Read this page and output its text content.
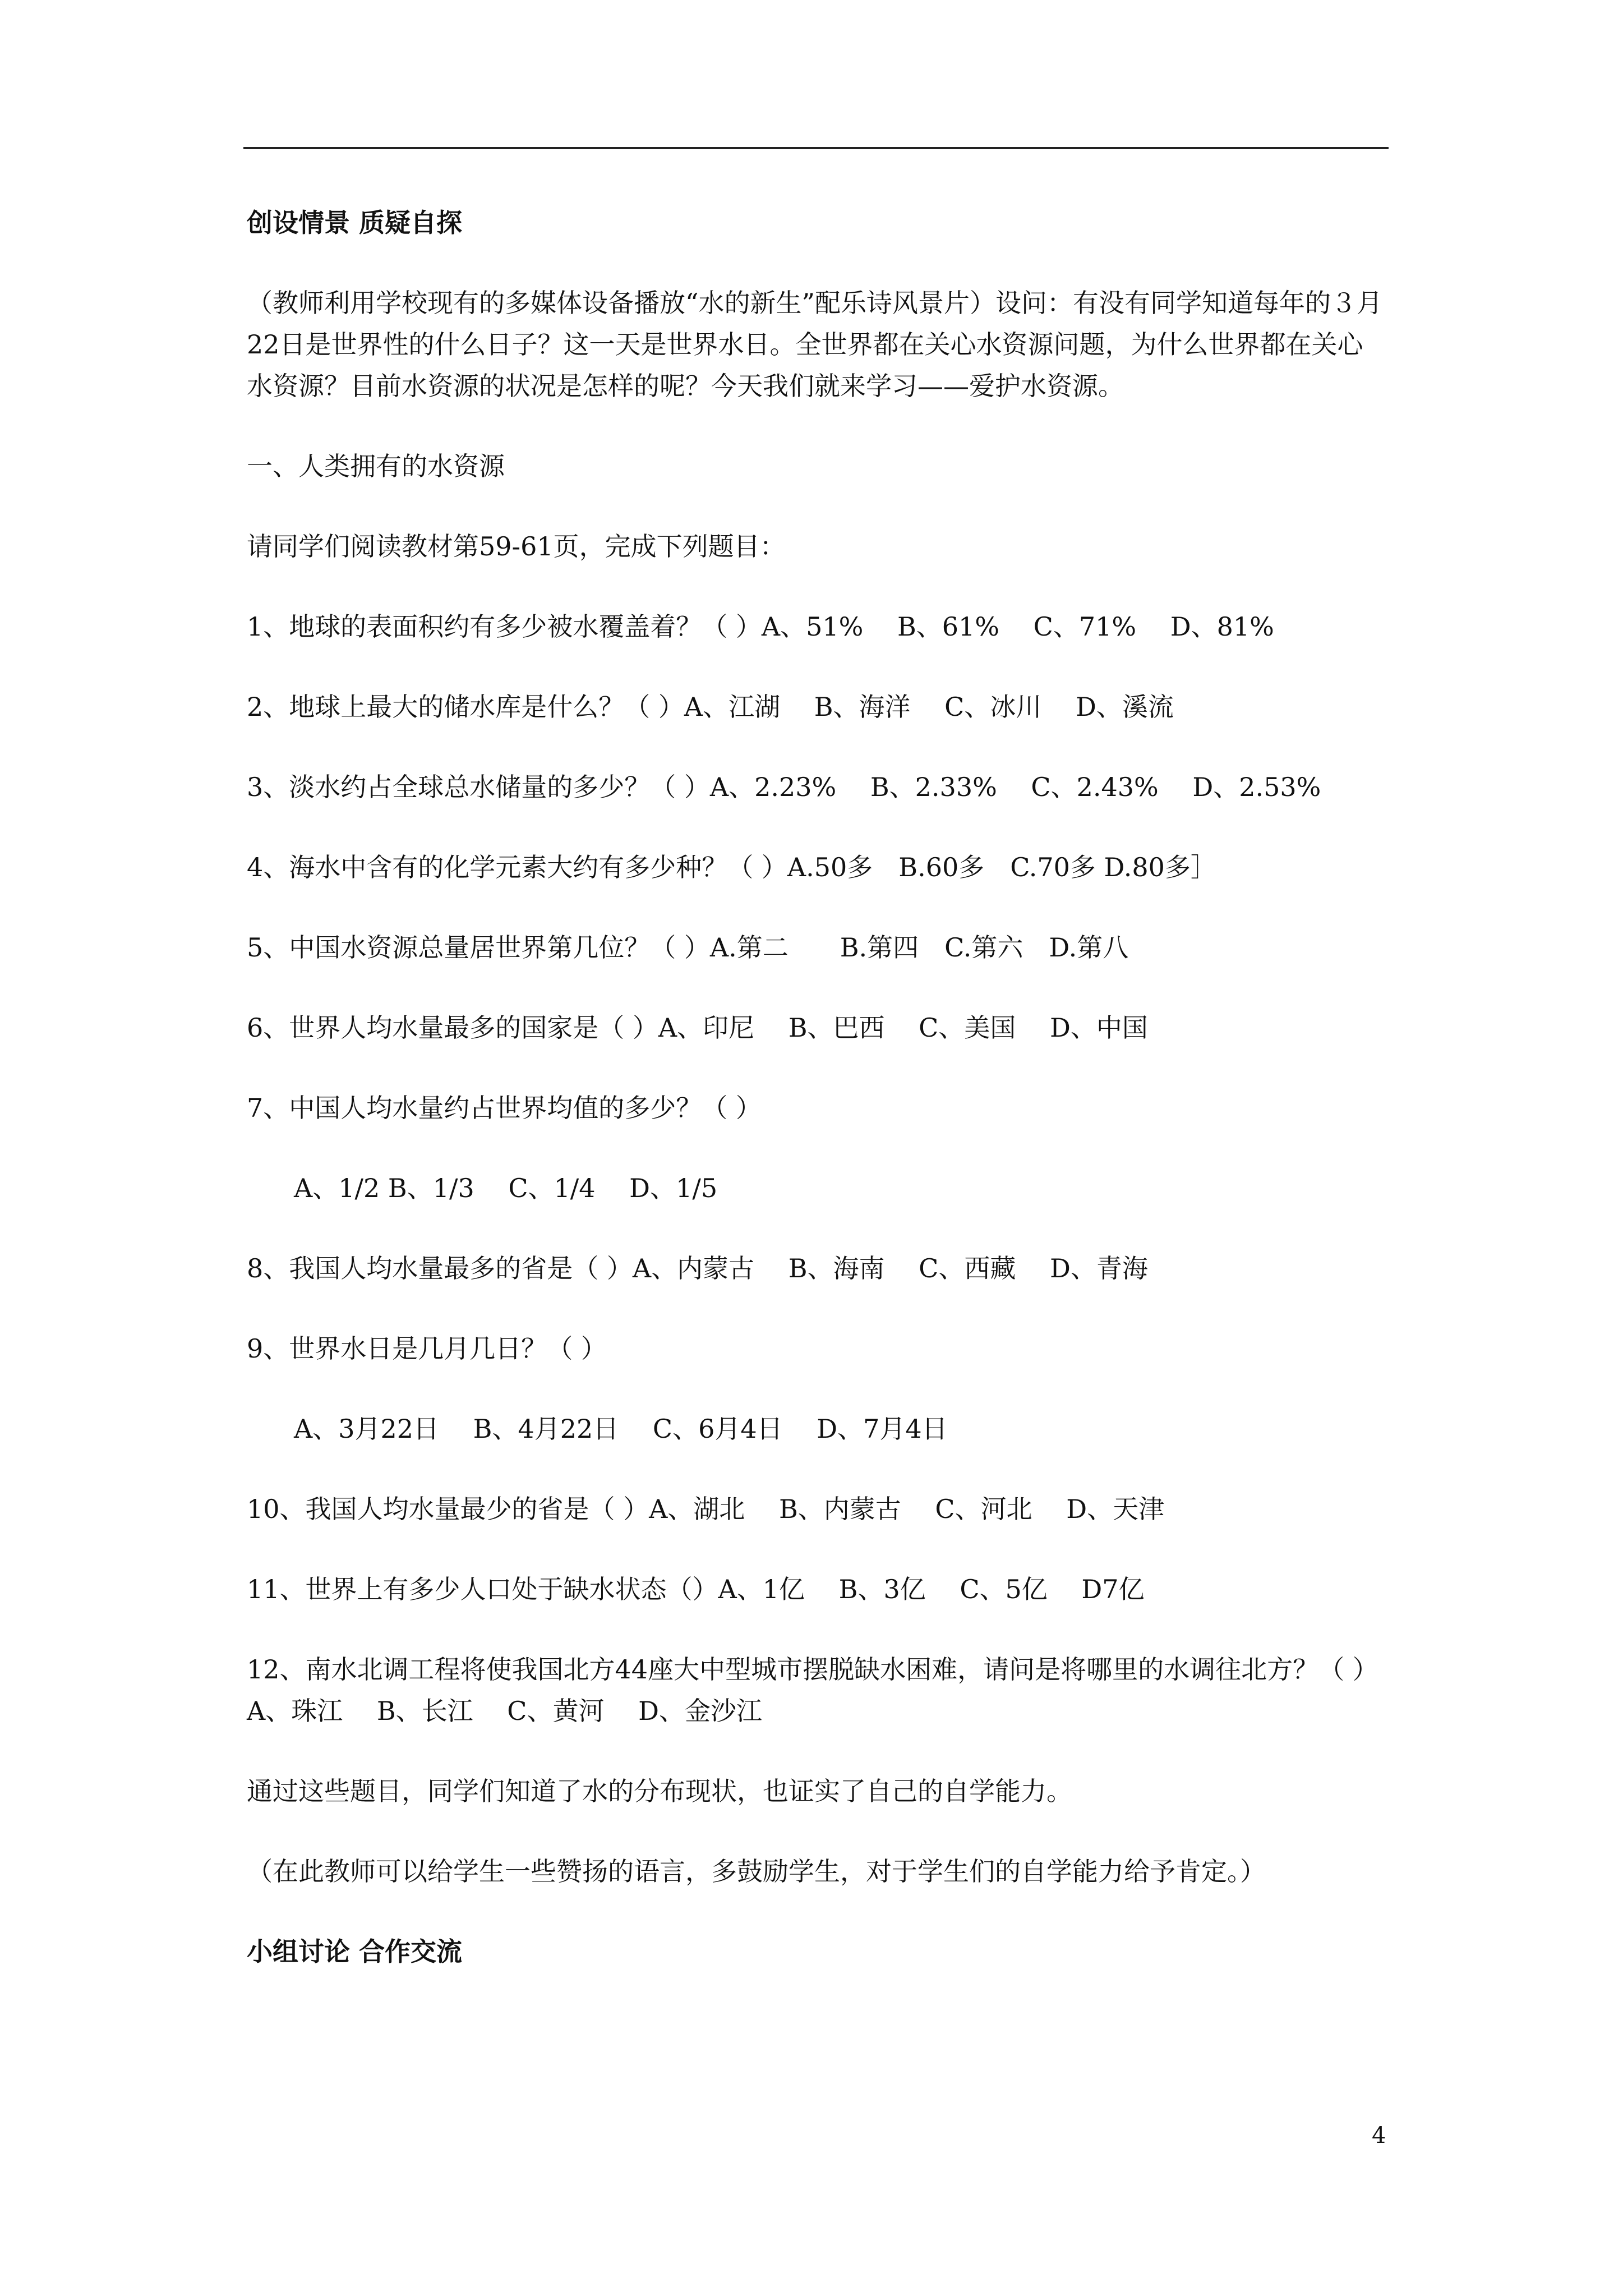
创设情景 质疑自探
（教师利用学校现有的多媒体设备播放“水的新生”配乐诗风景片）设问：有没有同学知道每年的３月22日是世界性的什么日子？这一天是世界水日。全世界都在关心水资源问题，为什么世界都在关心水资源？目前水资源的状况是怎样的呢？今天我们就来学习——爱护水资源。
一、人类拥有的水资源
请同学们阅读教材第59-61页，完成下列题目：
1、地球的表面积约有多少被水覆盖着？（ ）A、51%　 B、61%　 C、71%　 D、81%
2、地球上最大的储水库是什么？（ ）A、江湖　 B、海洋　 C、冰川　 D、溪流
3、淡水约占全球总水储量的多少？（ ）A、2.23%　 B、2.33%　 C、2.43%　 D、2.53%
4、海水中含有的化学元素大约有多少种？（ ）A.50多　B.60多　C.70多 D.80多］
5、中国水资源总量居世界第几位？（ ）A.第二　　B.第四　C.第六　D.第八
6、世界人均水量最多的国家是（ ）A、印尼　 B、巴西　 C、美国　 D、中国
7、中国人均水量约占世界均值的多少？（ ）
A、1/2 B、1/3　 C、1/4　 D、1/5
8、我国人均水量最多的省是（ ）A、内蒙古　 B、海南　 C、西藏　 D、青海
9、世界水日是几月几日？（ ）
A、3月22日　 B、4月22日　 C、6月4日　 D、7月4日
10、我国人均水量最少的省是（ ）A、湖北　 B、内蒙古　 C、河北　 D、天津
11、世界上有多少人口处于缺水状态（）A、1亿　 B、3亿　 C、5亿　 D7亿
12、南水北调工程将使我国北方44座大中型城市摆脱缺水困难，请问是将哪里的水调往北方？（ ）　A、珠江　 B、长江　 C、黄河　 D、金沙江
通过这些题目，同学们知道了水的分布现状，也证实了自己的自学能力。
（在此教师可以给学生一些赞扬的语言，多鼓励学生，对于学生们的自学能力给予肯定。）
小组讨论 合作交流
4
